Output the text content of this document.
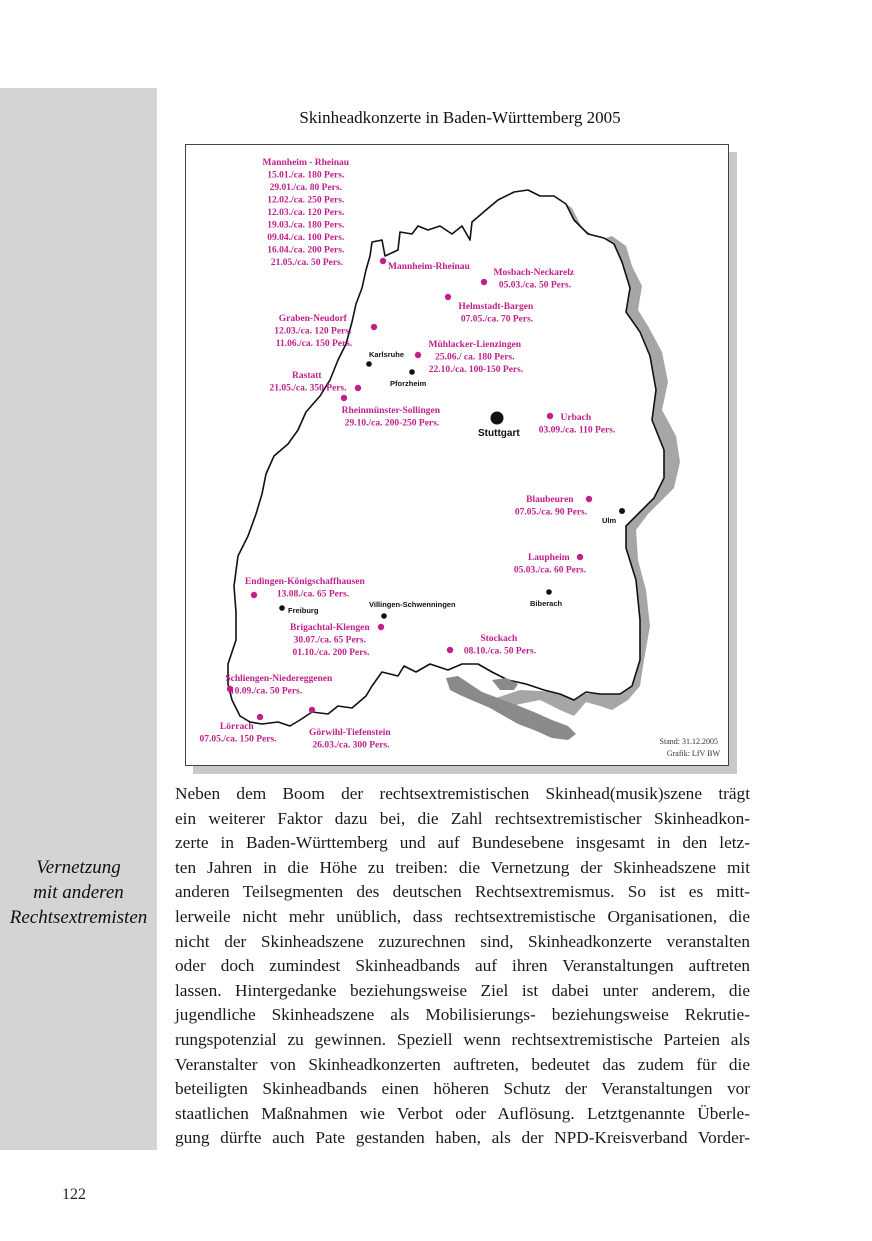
Vernetzung
mit anderen
Rechtsextremisten
Skinheadkonzerte in Baden-Württemberg 2005
Stuttgart
Karlsruhe
Pforzheim
Ulm
Freiburg
Villingen-Schwenningen	Biberach
Mannheim - Rheinau 15.01./ca. 180 Pers. 29.01./ca. 80 Pers. 12.02./ca. 250 Pers. 12.03./ca. 120 Pers. 19.03./ca. 180 Pers. 09.04./ca. 100 Pers. 16.04./ca. 200 Pers. 21.05./ca. 50 Pers.	Mannheim-Rheinau
Mosbach-Neckarelz 05.03./ca. 50 Pers.
Helmstadt-Bargen 07.05./ca. 70 Pers.
Graben-Neudorf 12.03./ca. 120 Pers. 11.06./ca. 150 Pers.	Mühlacker-Lienzingen 25.06./ ca. 180 Pers. 22.10./ca. 100-150 Pers.
Rastatt 21.05./ca. 350 Pers.
Rheinmünster-Sollingen 29.10./ca. 200-250 Pers.
Urbach 03.09./ca. 110 Pers.
Blaubeuren 07.05./ca. 90 Pers.
Laupheim 05.03./ca. 60 Pers.
Endingen-Königschaffhausen 13.08./ca. 65 Pers.
Brigachtal-Klengen 30.07./ca. 65 Pers. 01.10./ca. 200 Pers.
Stockach 08.10./ca. 50 Pers.
Schliengen-Niedereggenen 10.09./ca. 50 Pers.
Lörrach 07.05./ca. 150 Pers.
Görwihl-Tiefenstein 26.03./ca. 300 Pers.	Stand: 31.12.2005 Grafik: LfV BW
Neben dem Boom der rechtsextremistischen Skinhead(musik)szene trägt
ein weiterer Faktor dazu bei, die Zahl rechtsextremistischer Skinheadkon-
zerte in Baden-Württemberg und auf Bundesebene insgesamt in den letz-
ten Jahren in die Höhe zu treiben: die Vernetzung der Skinheadszene mit
anderen Teilsegmenten des deutschen Rechtsextremismus. So ist es mitt-
lerweile nicht mehr unüblich, dass rechtsextremistische Organisationen, die
nicht der Skinheadszene zuzurechnen sind, Skinheadkonzerte veranstalten
oder doch zumindest Skinheadbands auf ihren Veranstaltungen auftreten
lassen. Hintergedanke beziehungsweise Ziel ist dabei unter anderem, die
jugendliche Skinheadszene als Mobilisierungs- beziehungsweise Rekrutie-
rungspotenzial zu gewinnen. Speziell wenn rechtsextremistische Parteien als
Veranstalter von Skinheadkonzerten auftreten, bedeutet das zudem für die
beteiligten Skinheadbands einen höheren Schutz der Veranstaltungen vor
staatlichen Maßnahmen wie Verbot oder Auflösung. Letztgenannte Überle-
gung dürfte auch Pate gestanden haben, als der NPD-Kreisverband Vorder-
122
